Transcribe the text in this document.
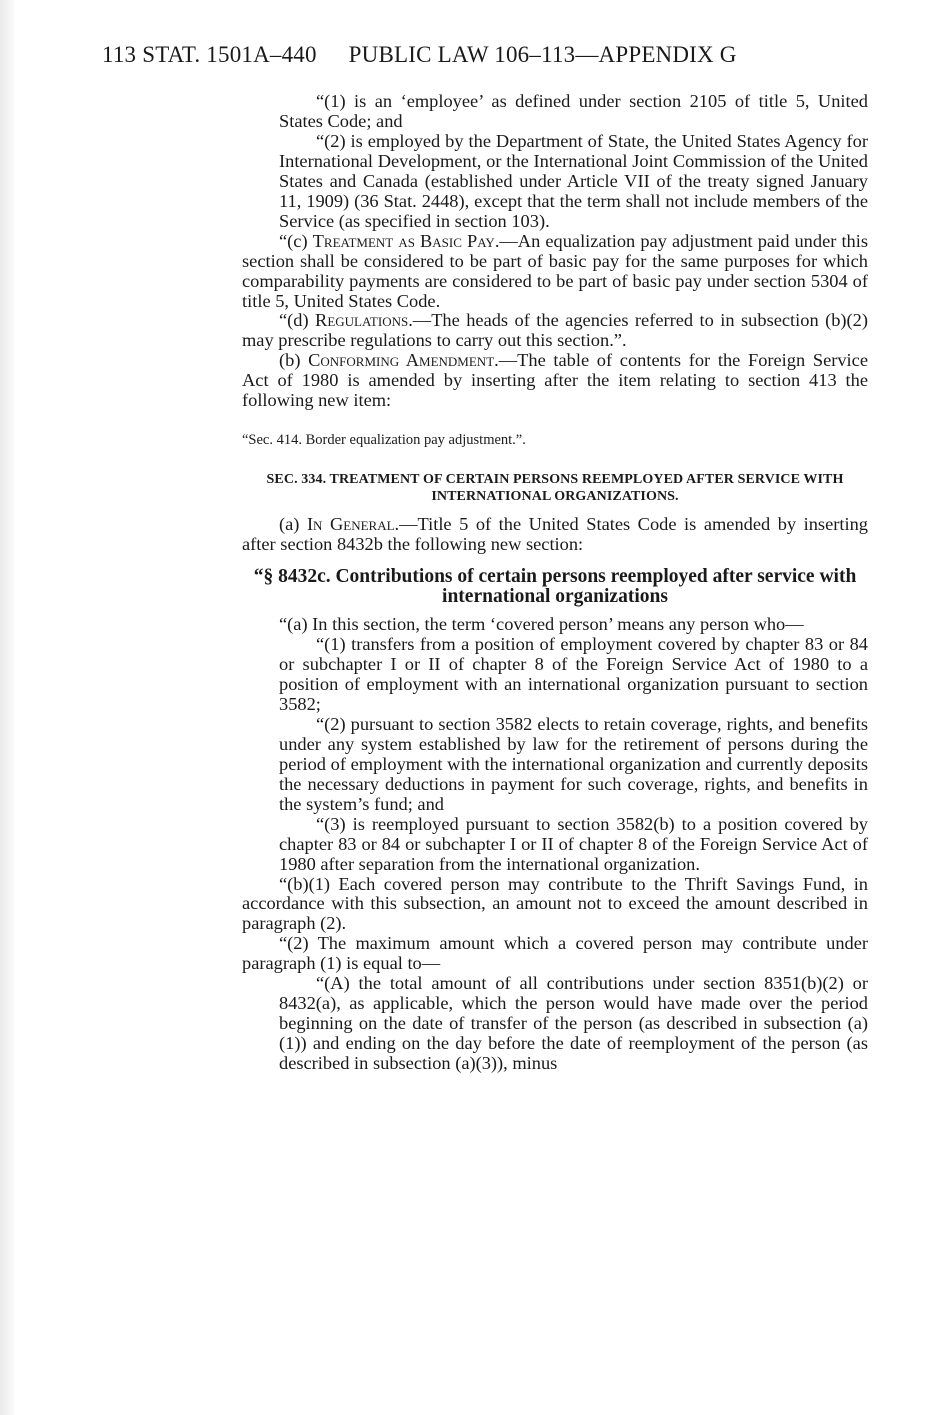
113 STAT. 1501A–440 PUBLIC LAW 106–113—APPENDIX G
“(1) is an ‘employee’ as defined under section 2105 of title 5, United States Code; and
“(2) is employed by the Department of State, the United States Agency for International Development, or the International Joint Commission of the United States and Canada (established under Article VII of the treaty signed January 11, 1909) (36 Stat. 2448), except that the term shall not include members of the Service (as specified in section 103).
“(c) Treatment as Basic Pay.—An equalization pay adjustment paid under this section shall be considered to be part of basic pay for the same purposes for which comparability payments are considered to be part of basic pay under section 5304 of title 5, United States Code.
“(d) Regulations.—The heads of the agencies referred to in subsection (b)(2) may prescribe regulations to carry out this section.”.
(b) Conforming Amendment.—The table of contents for the Foreign Service Act of 1980 is amended by inserting after the item relating to section 413 the following new item:
“Sec. 414. Border equalization pay adjustment.”.
SEC. 334. TREATMENT OF CERTAIN PERSONS REEMPLOYED AFTER SERVICE WITH INTERNATIONAL ORGANIZATIONS.
(a) In General.—Title 5 of the United States Code is amended by inserting after section 8432b the following new section:
“§ 8432c. Contributions of certain persons reemployed after service with international organizations
“(a) In this section, the term ‘covered person’ means any person who—
“(1) transfers from a position of employment covered by chapter 83 or 84 or subchapter I or II of chapter 8 of the Foreign Service Act of 1980 to a position of employment with an international organization pursuant to section 3582;
“(2) pursuant to section 3582 elects to retain coverage, rights, and benefits under any system established by law for the retirement of persons during the period of employment with the international organization and currently deposits the necessary deductions in payment for such coverage, rights, and benefits in the system’s fund; and
“(3) is reemployed pursuant to section 3582(b) to a position covered by chapter 83 or 84 or subchapter I or II of chapter 8 of the Foreign Service Act of 1980 after separation from the international organization.
“(b)(1) Each covered person may contribute to the Thrift Savings Fund, in accordance with this subsection, an amount not to exceed the amount described in paragraph (2).
“(2) The maximum amount which a covered person may contribute under paragraph (1) is equal to—
“(A) the total amount of all contributions under section 8351(b)(2) or 8432(a), as applicable, which the person would have made over the period beginning on the date of transfer of the person (as described in subsection (a)(1)) and ending on the day before the date of reemployment of the person (as described in subsection (a)(3)), minus
